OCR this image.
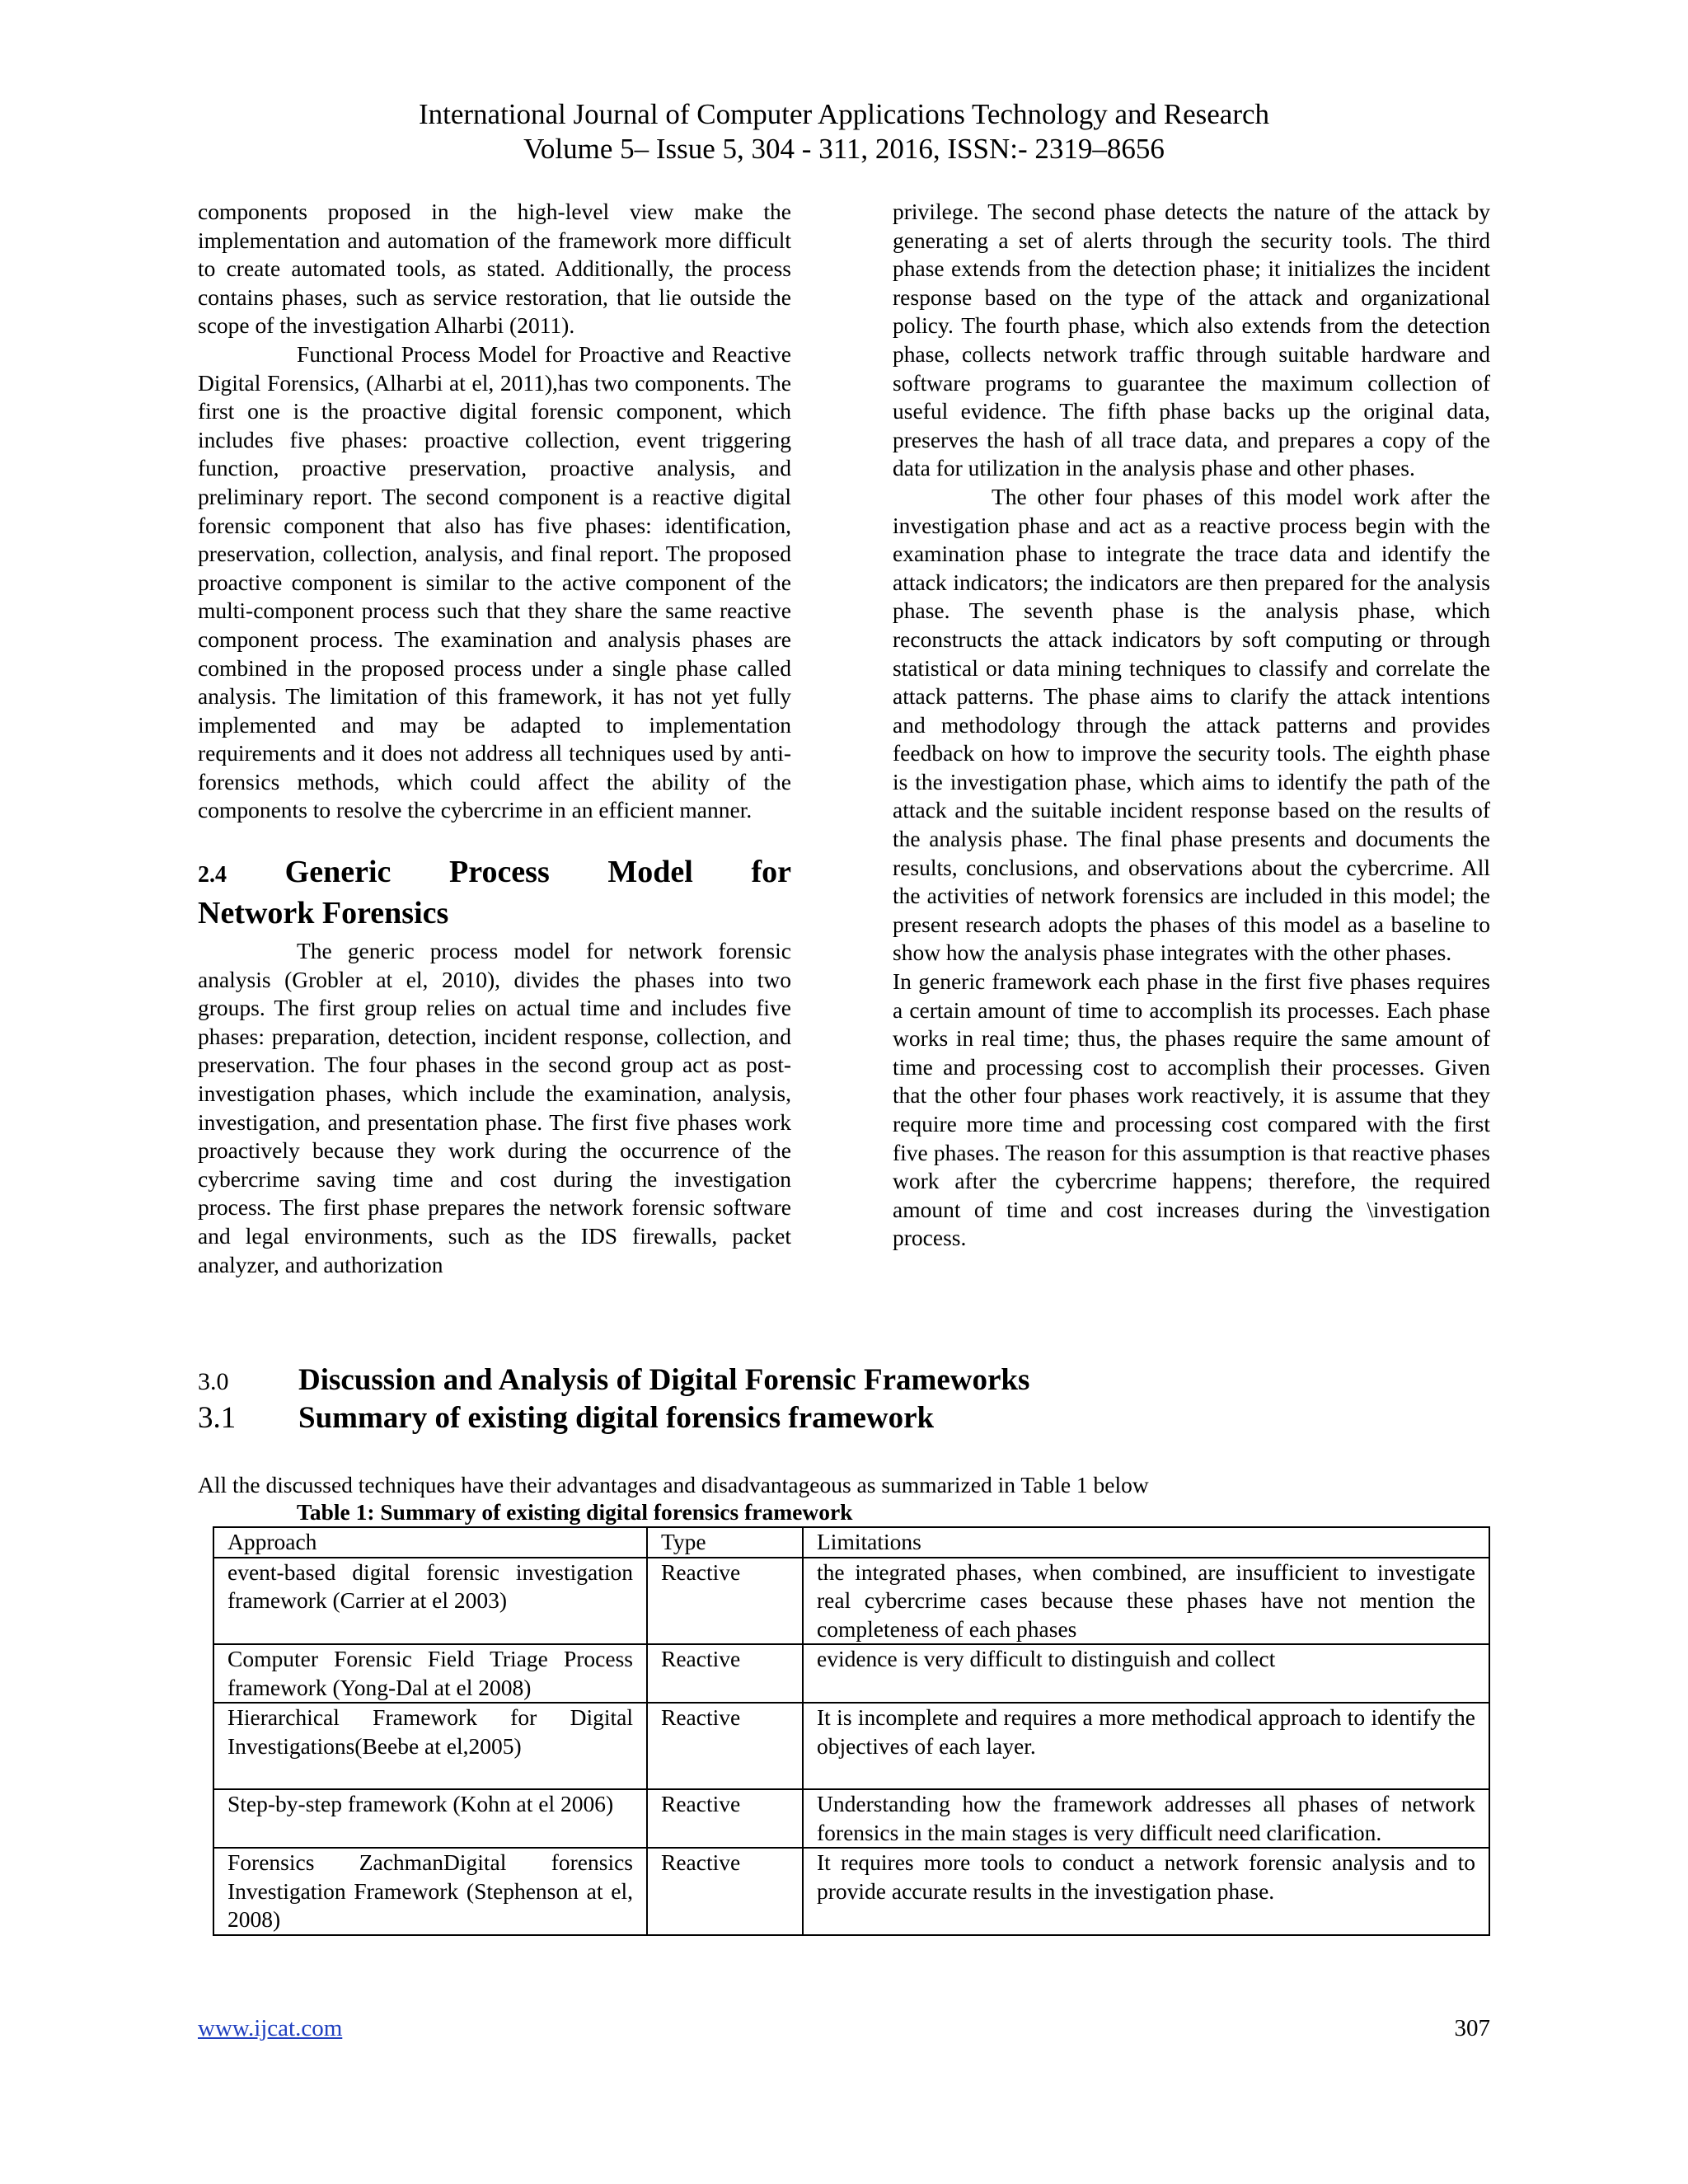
International Journal of Computer Applications Technology and Research
Volume 5– Issue 5, 304 - 311, 2016, ISSN:- 2319–8656

components proposed in the high-level view make the implementation and automation of the framework more difficult to create automated tools, as stated. Additionally, the process contains phases, such as service restoration, that lie outside the scope of the investigation Alharbi (2011).

Functional Process Model for Proactive and Reactive Digital Forensics, (Alharbi at el, 2011),has two components. The first one is the proactive digital forensic component, which includes five phases: proactive collection, event triggering function, proactive preservation, proactive analysis, and preliminary report. The second component is a reactive digital forensic component that also has five phases: identification, preservation, collection, analysis, and final report. The proposed proactive component is similar to the active component of the multi-component process such that they share the same reactive component process. The examination and analysis phases are combined in the proposed process under a single phase called analysis. The limitation of this framework, it has not yet fully implemented and may be adapted to implementation requirements and it does not address all techniques used by anti-forensics methods, which could affect the ability of the components to resolve the cybercrime in an efficient manner.

2.4 Generic Process Model for

Network Forensics

The generic process model for network forensic analysis (Grobler at el, 2010), divides the phases into two groups. The first group relies on actual time and includes five phases: preparation, detection, incident response, collection, and preservation. The four phases in the second group act as post-investigation phases, which include the examination, analysis, investigation, and presentation phase. The first five phases work proactively because they work during the occurrence of the cybercrime saving time and cost during the investigation process. The first phase prepares the network forensic software and legal environments, such as the IDS firewalls, packet analyzer, and authorization

privilege. The second phase detects the nature of the attack by generating a set of alerts through the security tools. The third phase extends from the detection phase; it initializes the incident response based on the type of the attack and organizational policy. The fourth phase, which also extends from the detection phase, collects network traffic through suitable hardware and software programs to guarantee the maximum collection of useful evidence. The fifth phase backs up the original data, preserves the hash of all trace data, and prepares a copy of the data for utilization in the analysis phase and other phases.

The other four phases of this model work after the investigation phase and act as a reactive process begin with the examination phase to integrate the trace data and identify the attack indicators; the indicators are then prepared for the analysis phase. The seventh phase is the analysis phase, which reconstructs the attack indicators by soft computing or through statistical or data mining techniques to classify and correlate the attack patterns. The phase aims to clarify the attack intentions and methodology through the attack patterns and provides feedback on how to improve the security tools. The eighth phase is the investigation phase, which aims to identify the path of the attack and the suitable incident response based on the results of the analysis phase. The final phase presents and documents the results, conclusions, and observations about the cybercrime. All the activities of network forensics are included in this model; the present research adopts the phases of this model as a baseline to show how the analysis phase integrates with the other phases.

In generic framework each phase in the first five phases requires a certain amount of time to accomplish its processes. Each phase works in real time; thus, the phases require the same amount of time and processing cost to accomplish their processes. Given that the other four phases work reactively, it is assume that they require more time and processing cost compared with the first five phases. The reason for this assumption is that reactive phases work after the cybercrime happens; therefore, the required amount of time and cost increases during the \investigation process.

3.0 Discussion and Analysis of Digital Forensic Frameworks
3.1 Summary of existing digital forensics framework
All the discussed techniques have their advantages and disadvantageous as summarized in Table 1 below
Table 1: Summary of existing digital forensics framework
Approach	Type	Limitations
event-based digital forensic investigation framework (Carrier at el 2003)	Reactive	the integrated phases, when combined, are insufficient to investigate real cybercrime cases because these phases have not mention the completeness of each phases
Computer Forensic Field Triage Process framework (Yong-Dal at el 2008)	Reactive	evidence is very difficult to distinguish and collect
Hierarchical Framework for Digital Investigations(Beebe at el,2005)	Reactive	It is incomplete and requires a more methodical approach to identify the objectives of each layer.
Step-by-step framework (Kohn at el 2006)	Reactive	Understanding how the framework addresses all phases of network forensics in the main stages is very difficult need clarification.
Forensics ZachmanDigital forensics Investigation Framework (Stephenson at el, 2008)	Reactive	It requires more tools to conduct a network forensic analysis and to provide accurate results in the investigation phase.
www.ijcat.com	307
